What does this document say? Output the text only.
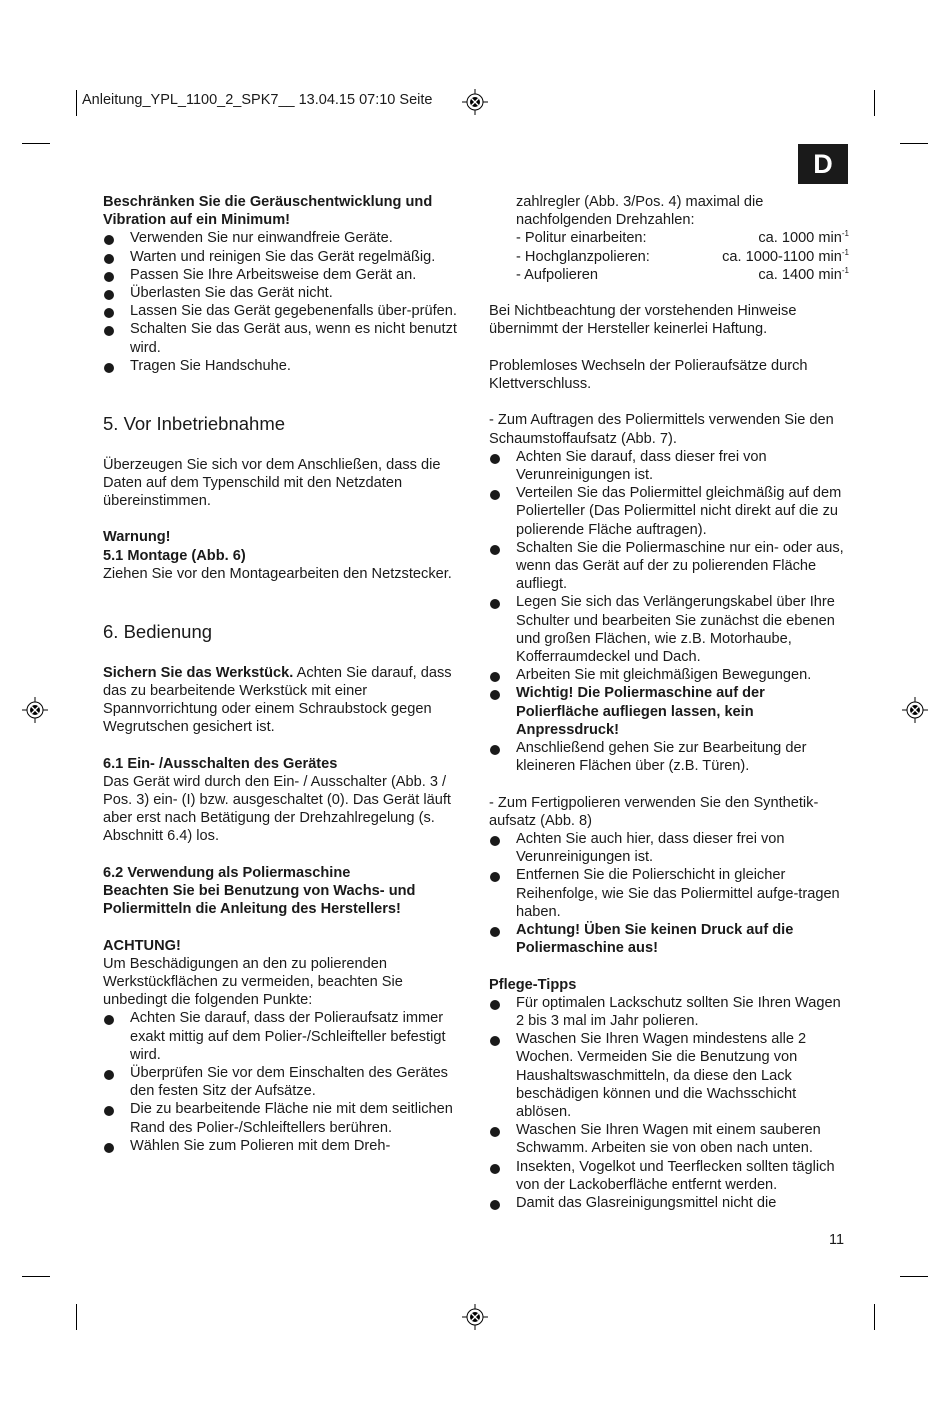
Anleitung_YPL_1100_2_SPK7__ 13.04.15 07:10 Seite
D

Beschränken Sie die Geräuschentwicklung und Vibration auf ein Minimum!

Verwenden Sie nur einwandfreie Geräte.
Warten und reinigen Sie das Gerät regelmäßig.
Passen Sie Ihre Arbeitsweise dem Gerät an.
Überlasten Sie das Gerät nicht.
Lassen Sie das Gerät gegebenenfalls über-prüfen.
Schalten Sie das Gerät aus, wenn es nicht benutzt wird.
Tragen Sie Handschuhe.
5. Vor Inbetriebnahme

Überzeugen Sie sich vor dem Anschließen, dass die Daten auf dem Typenschild mit den Netzdaten übereinstimmen.

Warnung!

5.1 Montage (Abb. 6)

Ziehen Sie vor den Montagearbeiten den Netzstecker.

6. Bedienung

Sichern Sie das Werkstück. Achten Sie darauf, dass das zu bearbeitende Werkstück mit einer Spannvorrichtung oder einem Schraubstock gegen Wegrutschen gesichert ist.

6.1 Ein- /Ausschalten des Gerätes

Das Gerät wird durch den Ein- / Ausschalter (Abb. 3 / Pos. 3) ein- (I) bzw. ausgeschaltet (0). Das Gerät läuft aber erst nach Betätigung der Drehzahlregelung (s. Abschnitt 6.4) los.

6.2 Verwendung als Poliermaschine

Beachten Sie bei Benutzung von Wachs- und Poliermitteln die Anleitung des Herstellers!

ACHTUNG!

Um Beschädigungen an den zu polierenden Werkstückflächen zu vermeiden, beachten Sie unbedingt die folgenden Punkte:

Achten Sie darauf, dass der Polieraufsatz immer exakt mittig auf dem Polier-/Schleifteller befestigt wird.
Überprüfen Sie vor dem Einschalten des Gerätes den festen Sitz der Aufsätze.
Die zu bearbeitende Fläche nie mit dem seitlichen Rand des Polier-/Schleiftellers berühren.
Wählen Sie zum Polieren mit dem Dreh-

zahlregler (Abb. 3/Pos. 4) maximal die nachfolgenden Drehzahlen:

- Politur einarbeiten:	ca. 1000 $\min^{-1}$
- Hochglanzpolieren:	ca. 1000-1100 $\min^{-1}$
- Aufpolieren	ca. 1400 $\min^{-1}$

Bei Nichtbeachtung der vorstehenden Hinweise übernimmt der Hersteller keinerlei Haftung.

Problemloses Wechseln der Polieraufsätze durch Klettverschluss.

- Zum Auftragen des Poliermittels verwenden Sie den Schaumstoffaufsatz (Abb. 7).

Achten Sie darauf, dass dieser frei von Verunreinigungen ist.
Verteilen Sie das Poliermittel gleichmäßig auf dem Polierteller (Das Poliermittel nicht direkt auf die zu polierende Fläche auftragen).
Schalten Sie die Poliermaschine nur ein- oder aus, wenn das Gerät auf der zu polierenden Fläche aufliegt.
Legen Sie sich das Verlängerungskabel über Ihre Schulter und bearbeiten Sie zunächst die ebenen und großen Flächen, wie z.B. Motorhaube, Kofferraumdeckel und Dach.
Arbeiten Sie mit gleichmäßigen Bewegungen.
Wichtig! Die Poliermaschine auf der Polierfläche aufliegen lassen, kein Anpressdruck!
Anschließend gehen Sie zur Bearbeitung der kleineren Flächen über (z.B. Türen).

- Zum Fertigpolieren verwenden Sie den Synthetik-aufsatz (Abb. 8)

Achten Sie auch hier, dass dieser frei von Verunreinigungen ist.
Entfernen Sie die Polierschicht in gleicher Reihenfolge, wie Sie das Poliermittel aufge-tragen haben.
Achtung! Üben Sie keinen Druck auf die Poliermaschine aus!

Pflege-Tipps

Für optimalen Lackschutz sollten Sie Ihren Wagen 2 bis 3 mal im Jahr polieren.
Waschen Sie Ihren Wagen mindestens alle 2 Wochen. Vermeiden Sie die Benutzung von Haushaltswaschmitteln, da diese den Lack beschädigen können und die Wachsschicht ablösen.
Waschen Sie Ihren Wagen mit einem sauberen Schwamm. Arbeiten sie von oben nach unten.
Insekten, Vogelkot und Teerflecken sollten täglich von der Lackoberfläche entfernt werden.
Damit das Glasreinigungsmittel nicht die
11
